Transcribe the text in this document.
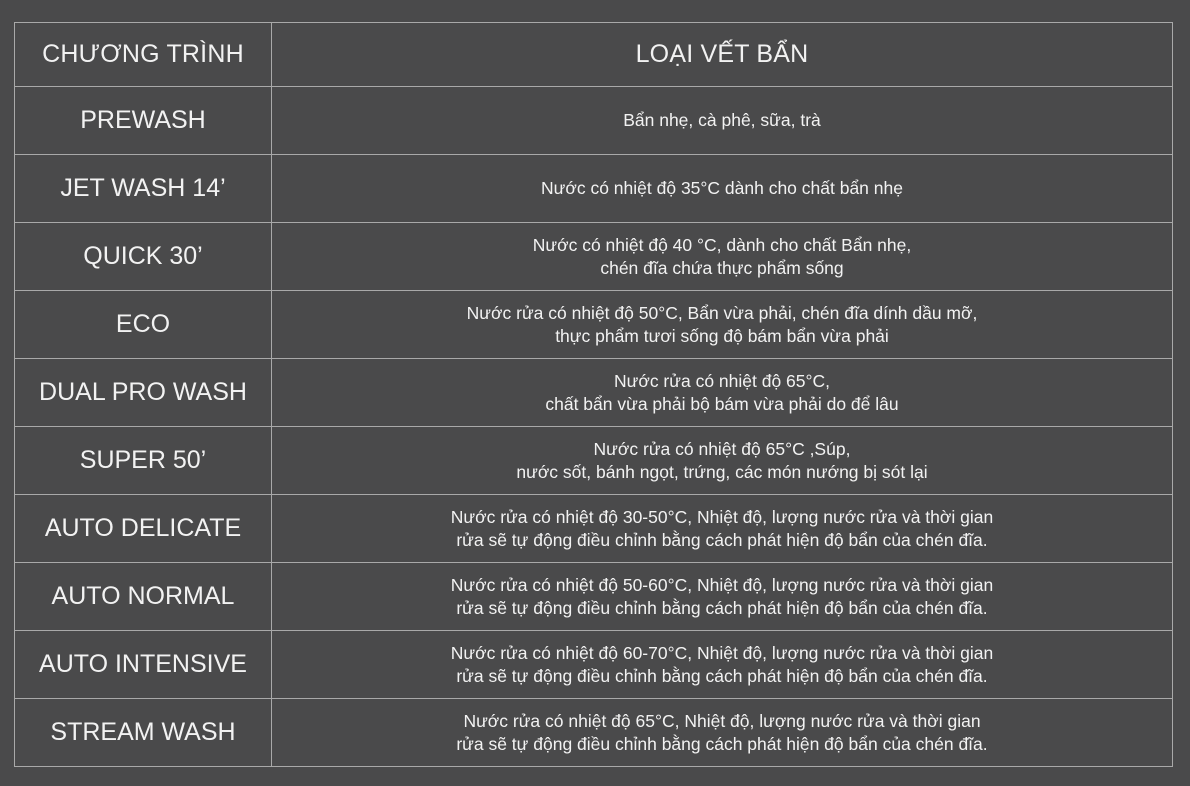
CHƯƠNG TRÌNH	LOẠI VẾT BẨN
PREWASH	Bẩn nhẹ, cà phê, sữa, trà

JET WASH 14’	Nước có nhiệt độ 35°C dành cho chất bẩn nhẹ

QUICK 30’	Nước có nhiệt độ 40 °C, dành cho chất Bẩn nhẹ,
chén đĩa chứa thực phẩm sống

ECO	Nước rửa có nhiệt độ 50°C, Bẩn vừa phải, chén đĩa dính dầu mỡ,
thực phẩm tươi sống độ bám bẩn vừa phải

DUAL PRO WASH	Nước rửa có nhiệt độ 65°C,
chất bẩn vừa phải bộ bám vừa phải do để lâu

SUPER 50’	Nước rửa có nhiệt độ 65°C ,Súp,
nước sốt, bánh ngọt, trứng, các món nướng bị sót lại

AUTO DELICATE	Nước rửa có nhiệt độ 30-50°C, Nhiệt độ, lượng nước rửa và thời gian
rửa sẽ tự động điều chỉnh bằng cách phát hiện độ bẩn của chén đĩa.

AUTO NORMAL	Nước rửa có nhiệt độ 50-60°C, Nhiệt độ, lượng nước rửa và thời gian
rửa sẽ tự động điều chỉnh bằng cách phát hiện độ bẩn của chén đĩa.

AUTO INTENSIVE	Nước rửa có nhiệt độ 60-70°C, Nhiệt độ, lượng nước rửa và thời gian
rửa sẽ tự động điều chỉnh bằng cách phát hiện độ bẩn của chén đĩa.

STREAM WASH	Nước rửa có nhiệt độ 65°C, Nhiệt độ, lượng nước rửa và thời gian
rửa sẽ tự động điều chỉnh bằng cách phát hiện độ bẩn của chén đĩa.
